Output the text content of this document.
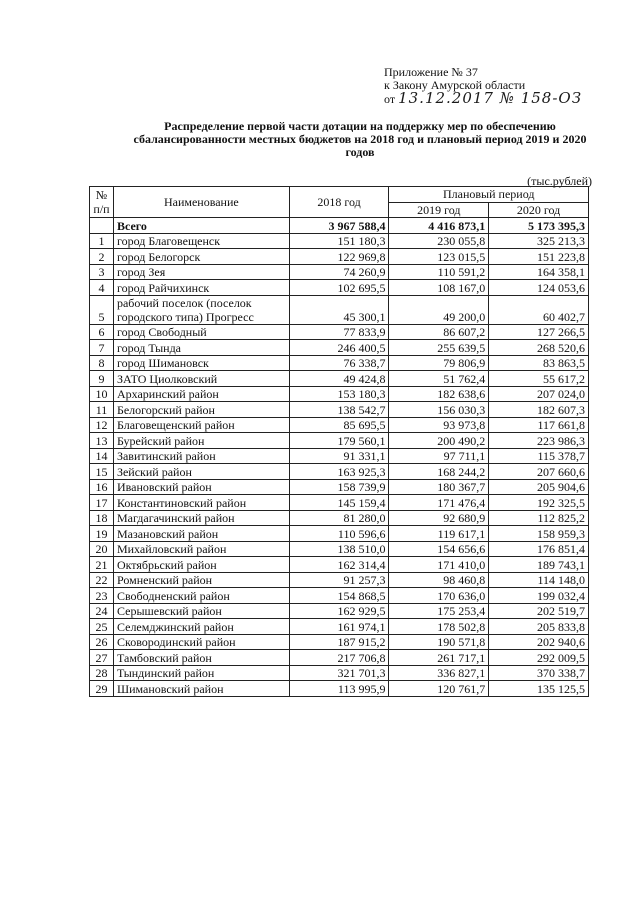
Приложение № 37
к Закону Амурской области
от 13.12.2017 № 158-ОЗ
Распределение первой части дотации на поддержку мер по обеспечению сбалансированности местных бюджетов на 2018 год и плановый период 2019 и 2020 годов
(тыс.рублей)
№ п/п	Наименование	2018 год	Плановый период	
			2019 год	2020 год
	Всего	3 967 588,4	4 416 873,1	5 173 395,3
1	город Благовещенск	151 180,3	230 055,8	325 213,3
2	город Белогорск	122 969,8	123 015,5	151 223,8
3	город Зея	74 260,9	110 591,2	164 358,1
4	город Райчихинск	102 695,5	108 167,0	124 053,6
5	рабочий поселок (поселок
городского типа) Прогресс	45 300,1	49 200,0	60 402,7
6	город Свободный	77 833,9	86 607,2	127 266,5
7	город Тында	246 400,5	255 639,5	268 520,6
8	город Шимановск	76 338,7	79 806,9	83 863,5
9	ЗАТО Циолковский	49 424,8	51 762,4	55 617,2
10	Архаринский район	153 180,3	182 638,6	207 024,0
11	Белогорский район	138 542,7	156 030,3	182 607,3
12	Благовещенский район	85 695,5	93 973,8	117 661,8
13	Бурейский район	179 560,1	200 490,2	223 986,3
14	Завитинский район	91 331,1	97 711,1	115 378,7
15	Зейский район	163 925,3	168 244,2	207 660,6
16	Ивановский район	158 739,9	180 367,7	205 904,6
17	Константиновский район	145 159,4	171 476,4	192 325,5
18	Магдагачинский район	81 280,0	92 680,9	112 825,2
19	Мазановский район	110 596,6	119 617,1	158 959,3
20	Михайловский район	138 510,0	154 656,6	176 851,4
21	Октябрьский район	162 314,4	171 410,0	189 743,1
22	Ромненский район	91 257,3	98 460,8	114 148,0
23	Свободненский район	154 868,5	170 636,0	199 032,4
24	Серышевский район	162 929,5	175 253,4	202 519,7
25	Селемджинский район	161 974,1	178 502,8	205 833,8
26	Сковородинский район	187 915,2	190 571,8	202 940,6
27	Тамбовский район	217 706,8	261 717,1	292 009,5
28	Тындинский район	321 701,3	336 827,1	370 338,7
29	Шимановский район	113 995,9	120 761,7	135 125,5
